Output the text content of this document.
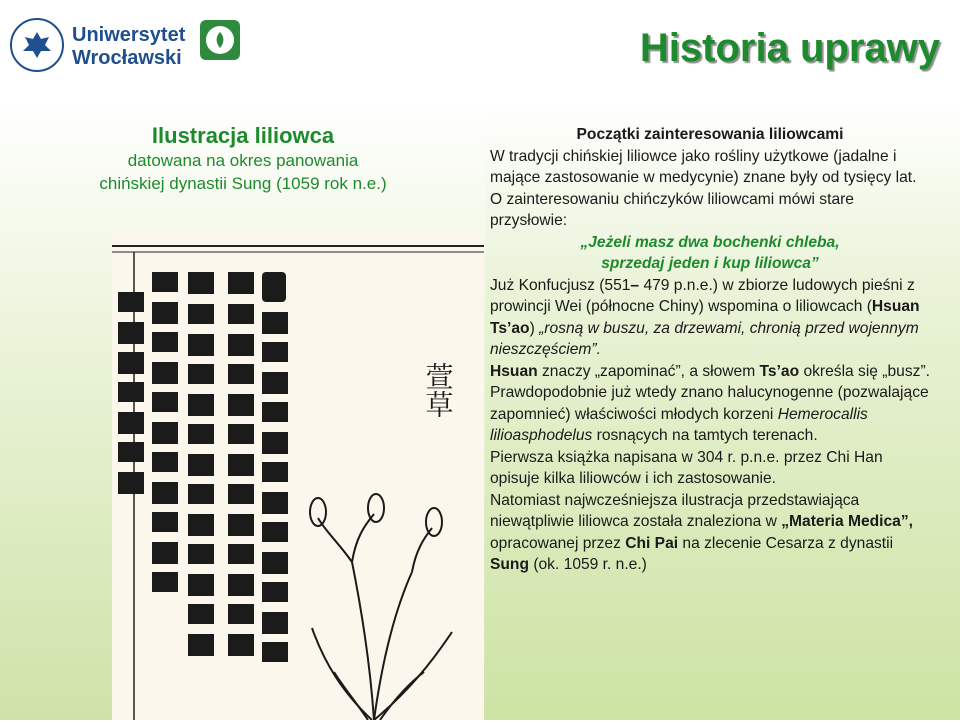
Uniwersytet
Wrocławski	Historia uprawy

Ilustracja liliowca

datowana na okres panowania

chińskiej dynastii Sung (1059 rok n.e.)

萱草

Początki zainteresowania liliowcami

W tradycji chińskiej liliowce jako rośliny użytkowe (jadalne i mające zastosowanie w medycynie) znane były od tysięcy lat.

O zainteresowaniu chińczyków liliowcami mówi stare przysłowie:

„Jeżeli masz dwa bochenki chleba,

sprzedaj jeden i kup liliowca”

Już Konfucjusz (551– 479 p.n.e.) w zbiorze ludowych pieśni z prowincji Wei (północne Chiny) wspomina o liliowcach (Hsuan Ts’ao) „rosną w buszu, za drzewami, chronią przed wojennym nieszczęściem”.

Hsuan znaczy „zapominać”, a słowem Ts’ao określa się „busz”.

Prawdopodobnie już wtedy znano halucynogenne (pozwalające zapomnieć) właściwości młodych korzeni Hemerocallis lilioasphodelus rosnących na tamtych terenach.

Pierwsza książka napisana w 304 r. p.n.e. przez Chi Han opisuje kilka liliowców i ich zastosowanie.

Natomiast najwcześniejsza ilustracja przedstawiająca niewątpliwie liliowca została znaleziona w „Materia Medica”, opracowanej przez Chi Pai na zlecenie Cesarza z dynastii Sung (ok. 1059 r. n.e.)
